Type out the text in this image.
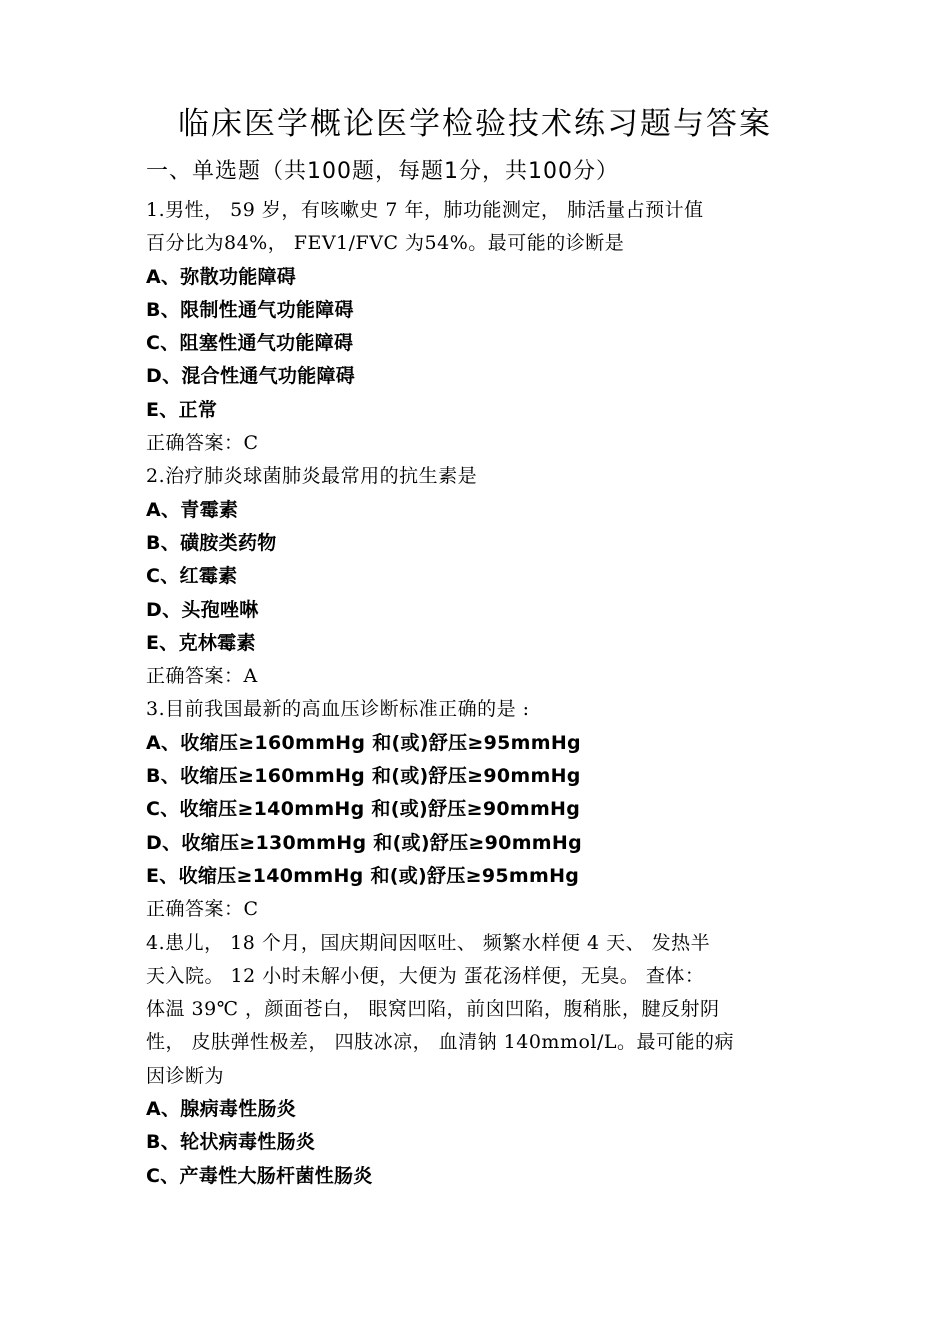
临床医学概论医学检验技术练习题与答案
一、单选题（共100题，每题1分，共100分）
1.男性， 59 岁，有咳嗽史 7 年，肺功能测定， 肺活量占预计值
百分比为84%， FEV1/FVC 为54%。最可能的诊断是
A、弥散功能障碍
B、限制性通气功能障碍
C、阻塞性通气功能障碍
D、混合性通气功能障碍
E、正常
正确答案：C
2.治疗肺炎球菌肺炎最常用的抗生素是
A、青霉素
B、磺胺类药物
C、红霉素
D、头孢唑啉
E、克林霉素
正确答案：A
3.目前我国最新的高血压诊断标准正确的是 :
A、收缩压≥160mmHg 和(或)舒压≥95mmHg
B、收缩压≥160mmHg 和(或)舒压≥90mmHg
C、收缩压≥140mmHg 和(或)舒压≥90mmHg
D、收缩压≥130mmHg 和(或)舒压≥90mmHg
E、收缩压≥140mmHg 和(或)舒压≥95mmHg
正确答案：C
4.患儿， 18 个月，国庆期间因呕吐、 频繁水样便 4 天、 发热半
天入院。 12 小时未解小便，大便为 蛋花汤样便，无臭。 查体：
体温 39℃ ，颜面苍白， 眼窝凹陷，前囟凹陷，腹稍胀，腱反射阴
性， 皮肤弹性极差， 四肢冰凉， 血清钠 140mmol/L。最可能的病
因诊断为
A、腺病毒性肠炎
B、轮状病毒性肠炎
C、产毒性大肠杆菌性肠炎
